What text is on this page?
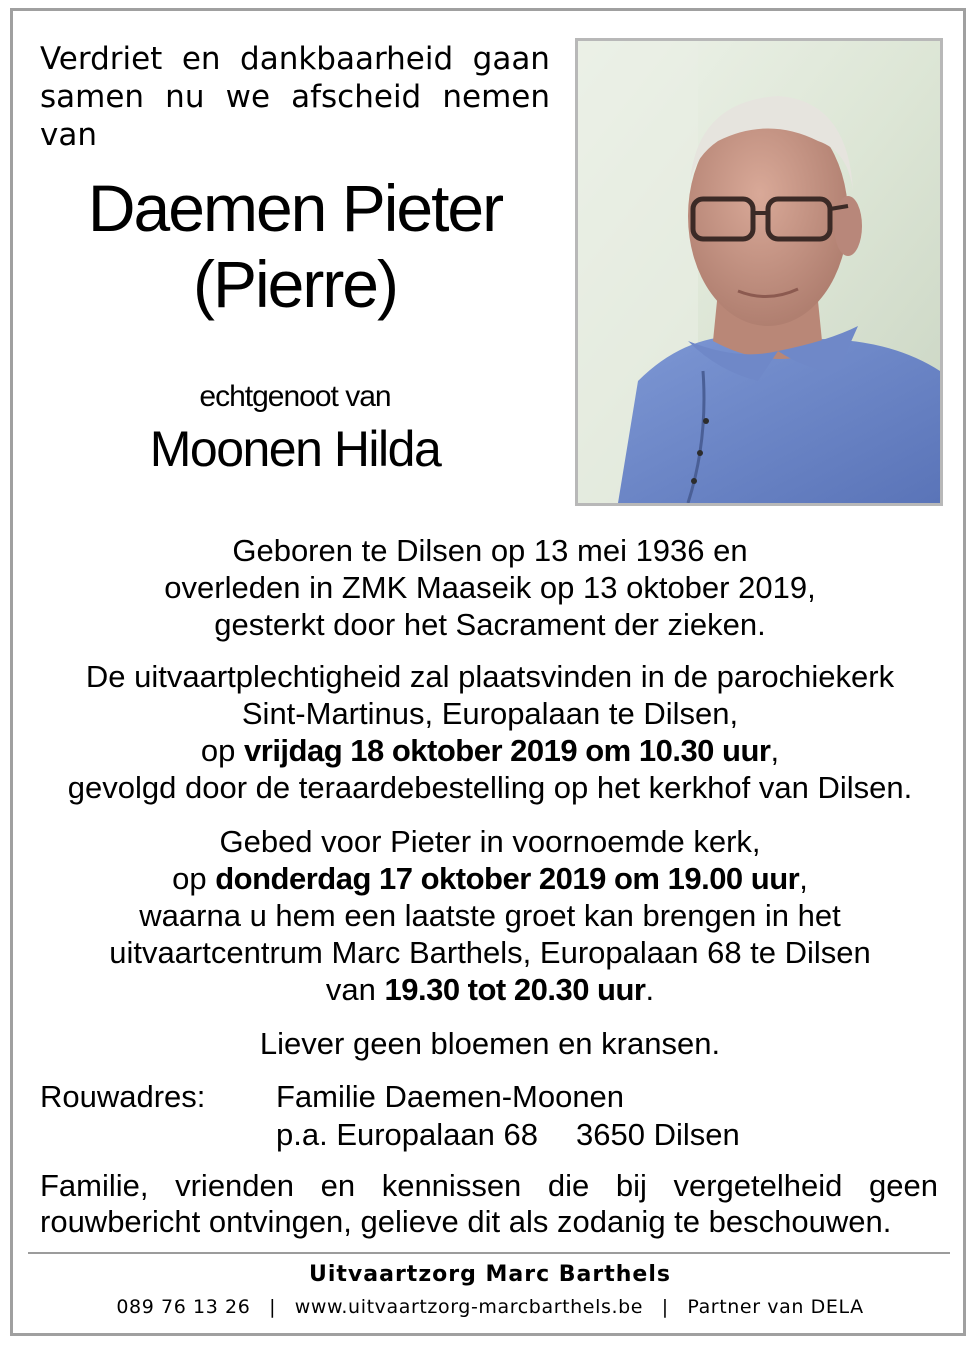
Verdriet en dankbaarheid gaan
samen nu we afscheid nemen van
Daemen Pieter
(Pierre)
echtgenoot van
Moonen Hilda
Geboren te Dilsen op 13 mei 1936 en
overleden in ZMK Maaseik op 13 oktober 2019,
gesterkt door het Sacrament der zieken.
De uitvaartplechtigheid zal plaatsvinden in de parochiekerk
Sint-Martinus, Europalaan te Dilsen,
op vrijdag 18 oktober 2019 om 10.30 uur,
gevolgd door de teraardebestelling op het kerkhof van Dilsen.
Gebed voor Pieter in voornoemde kerk,
op donderdag 17 oktober 2019 om 19.00 uur,
waarna u hem een laatste groet kan brengen in het
uitvaartcentrum Marc Barthels, Europalaan 68 te Dilsen
van 19.30 tot 20.30 uur.
Liever geen bloemen en kransen.
Rouwadres: Familie Daemen-Moonen
p.a. Europalaan 68 3650 Dilsen
Familie, vrienden en kennissen die bij vergetelheid geen
rouwbericht ontvingen, gelieve dit als zodanig te beschouwen.
Uitvaartzorg Marc Barthels
089 76 13 26 | www.uitvaartzorg-marcbarthels.be | Partner van DELA
